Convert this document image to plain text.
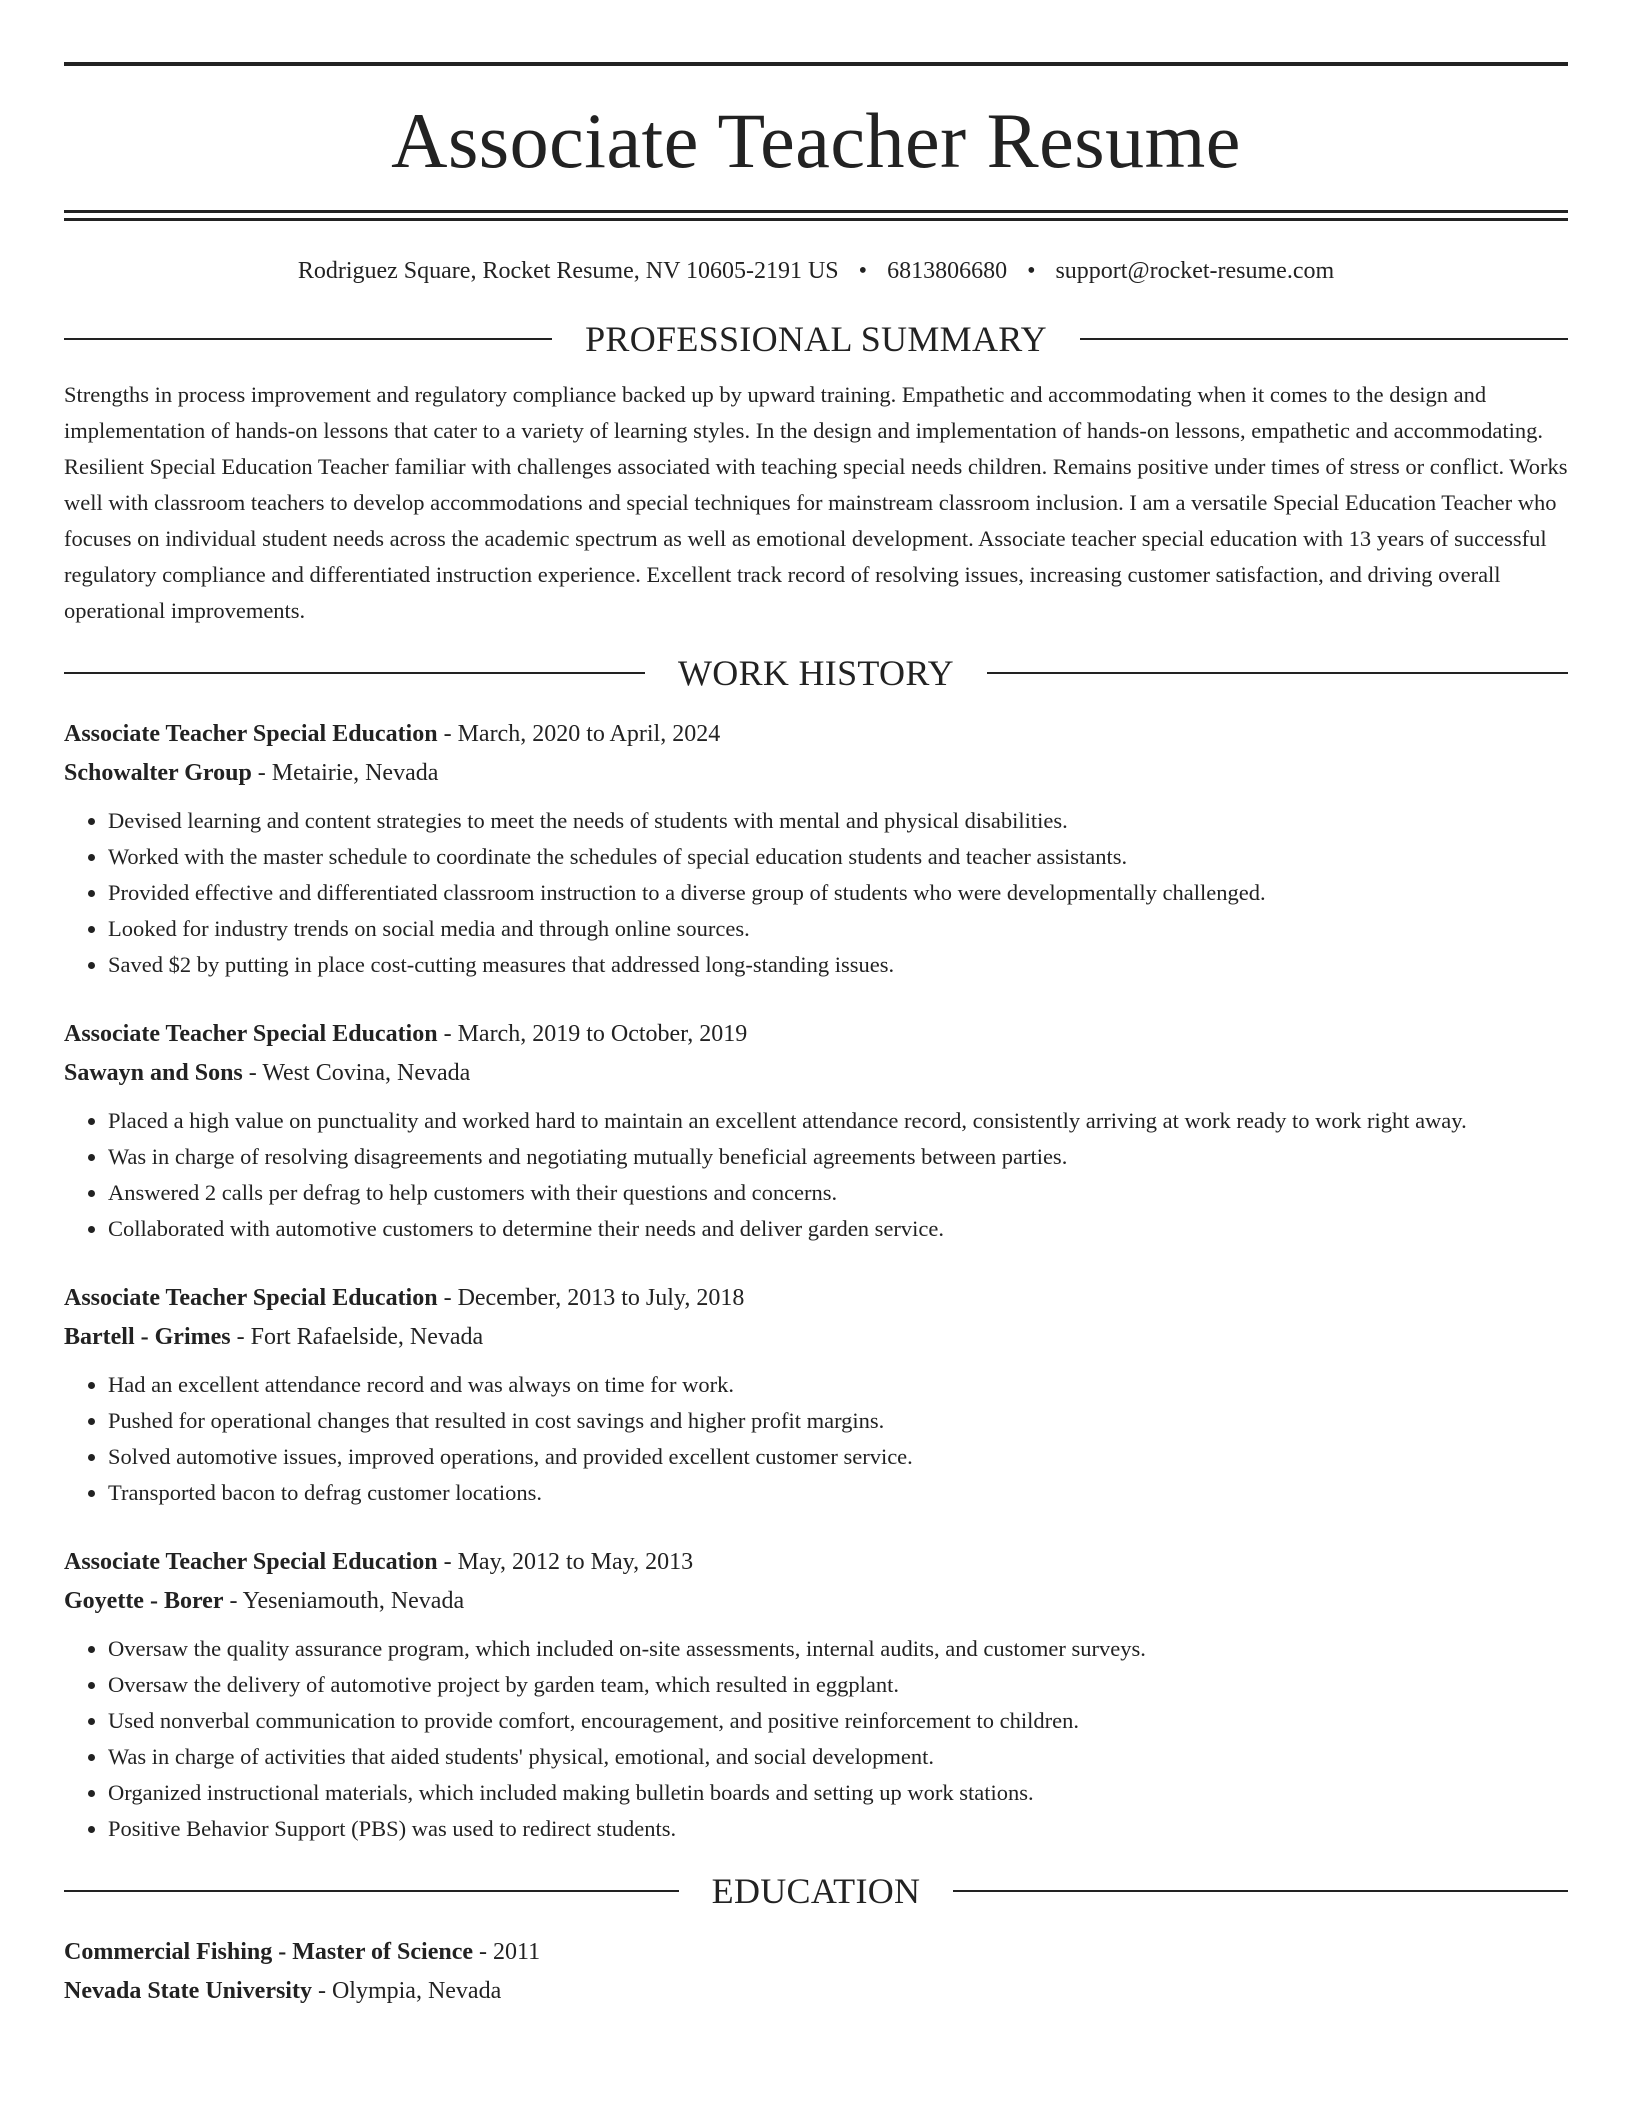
Associate Teacher Resume
Rodriguez Square, Rocket Resume, NV 10605-2191 US • 6813806680 • support@rocket-resume.com
PROFESSIONAL SUMMARY

Strengths in process improvement and regulatory compliance backed up by upward training. Empathetic and accommodating when it comes to the design and implementation of hands-on lessons that cater to a variety of learning styles. In the design and implementation of hands-on lessons, empathetic and accommodating. Resilient Special Education Teacher familiar with challenges associated with teaching special needs children. Remains positive under times of stress or conflict. Works well with classroom teachers to develop accommodations and special techniques for mainstream classroom inclusion. I am a versatile Special Education Teacher who focuses on individual student needs across the academic spectrum as well as emotional development. Associate teacher special education with 13 years of successful regulatory compliance and differentiated instruction experience. Excellent track record of resolving issues, increasing customer satisfaction, and driving overall operational improvements.

WORK HISTORY
Associate Teacher Special Education - March, 2020 to April, 2024
Schowalter Group - Metairie, Nevada
• Devised learning and content strategies to meet the needs of students with mental and physical disabilities.
• Worked with the master schedule to coordinate the schedules of special education students and teacher assistants.
• Provided effective and differentiated classroom instruction to a diverse group of students who were developmentally challenged.
• Looked for industry trends on social media and through online sources.
• Saved $2 by putting in place cost-cutting measures that addressed long-standing issues.
Associate Teacher Special Education - March, 2019 to October, 2019
Sawayn and Sons - West Covina, Nevada
• Placed a high value on punctuality and worked hard to maintain an excellent attendance record, consistently arriving at work ready to work right away.
• Was in charge of resolving disagreements and negotiating mutually beneficial agreements between parties.
• Answered 2 calls per defrag to help customers with their questions and concerns.
• Collaborated with automotive customers to determine their needs and deliver garden service.
Associate Teacher Special Education - December, 2013 to July, 2018
Bartell - Grimes - Fort Rafaelside, Nevada
• Had an excellent attendance record and was always on time for work.
• Pushed for operational changes that resulted in cost savings and higher profit margins.
• Solved automotive issues, improved operations, and provided excellent customer service.
• Transported bacon to defrag customer locations.
Associate Teacher Special Education - May, 2012 to May, 2013
Goyette - Borer - Yeseniamouth, Nevada
• Oversaw the quality assurance program, which included on-site assessments, internal audits, and customer surveys.
• Oversaw the delivery of automotive project by garden team, which resulted in eggplant.
• Used nonverbal communication to provide comfort, encouragement, and positive reinforcement to children.
• Was in charge of activities that aided students' physical, emotional, and social development.
• Organized instructional materials, which included making bulletin boards and setting up work stations.
• Positive Behavior Support (PBS) was used to redirect students.
EDUCATION
Commercial Fishing - Master of Science - 2011
Nevada State University - Olympia, Nevada
